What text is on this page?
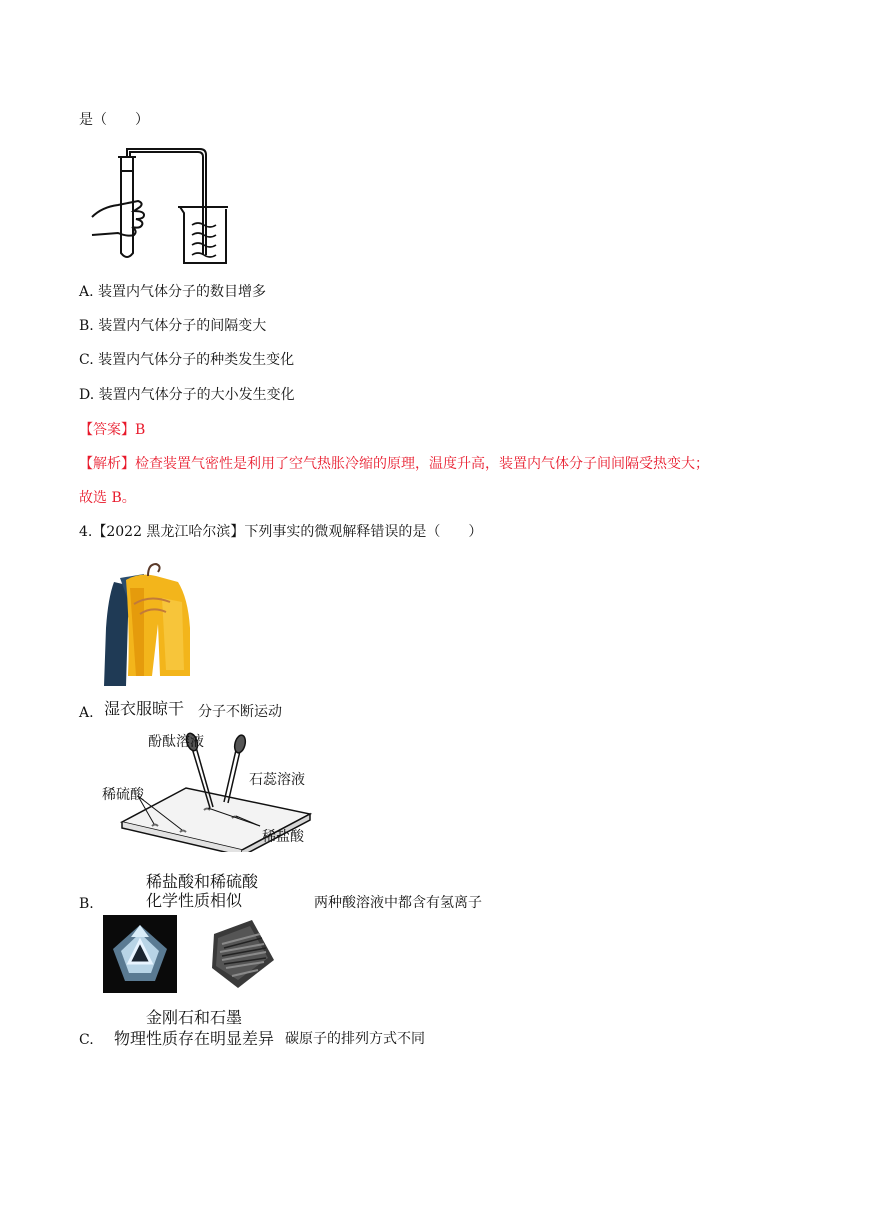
是（　　）
A. 装置内气体分子的数目增多
B. 装置内气体分子的间隔变大
C. 装置内气体分子的种类发生变化
D. 装置内气体分子的大小发生变化
【答案】B
【解析】检查装置气密性是利用了空气热胀冷缩的原理，温度升高，装置内气体分子间间隔受热变大；
故选 B。
4.【2022 黑龙江哈尔滨】下列事实的微观解释错误的是（　　）
A. 湿衣服晾干 分子不断运动
酚酞溶液
石蕊溶液
稀硫酸
稀盐酸
稀盐酸和稀硫酸
化学性质相似
B.	两种酸溶液中都含有氢离子
金刚石和石墨
C. 物理性质存在明显差异 碳原子的排列方式不同
